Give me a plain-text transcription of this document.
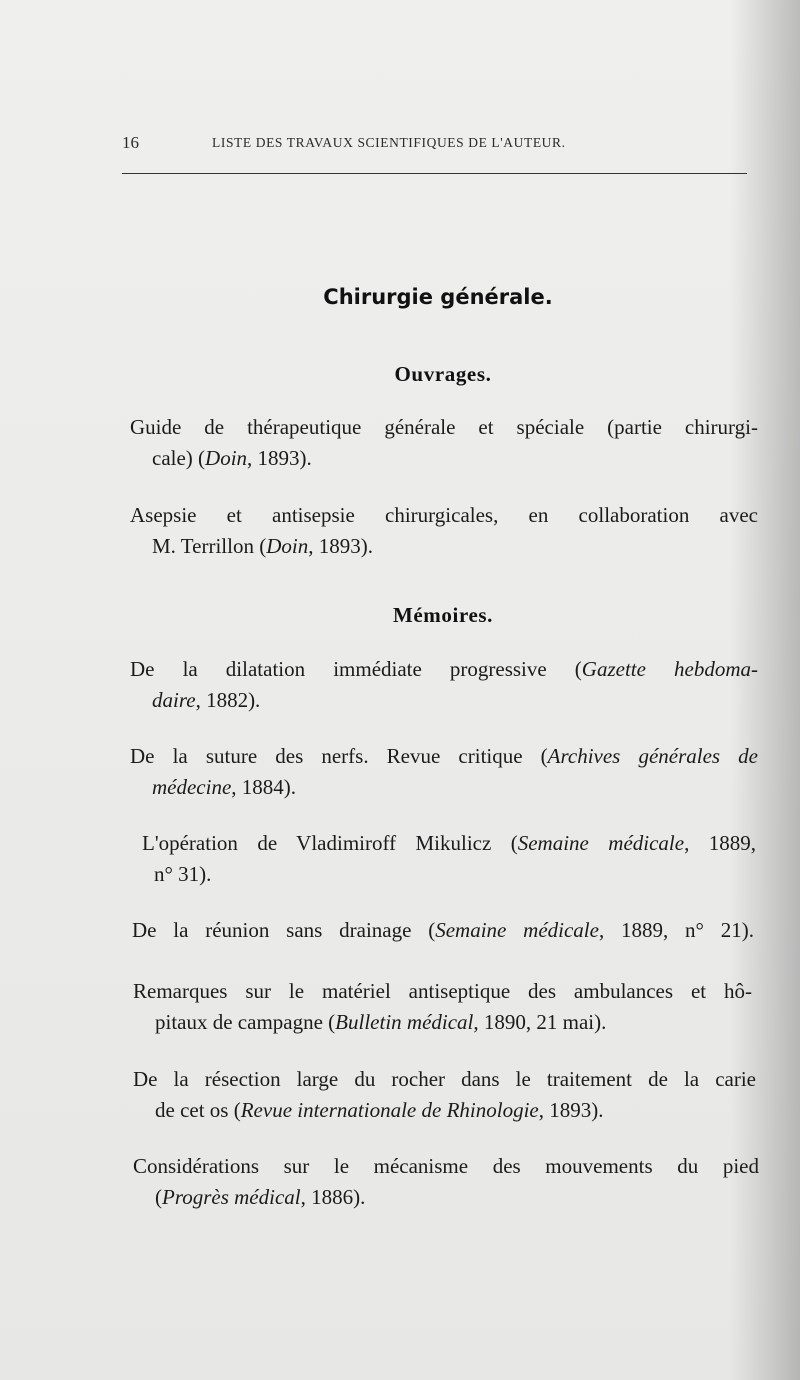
16	LISTE DES TRAVAUX SCIENTIFIQUES DE L'AUTEUR.
Chirurgie générale.
Ouvrages.
Guide de thérapeutique générale et spéciale (partie chirurgi-
cale) (Doin, 1893).
Asepsie et antisepsie chirurgicales, en collaboration avec
M. Terrillon (Doin, 1893).
Mémoires.
De la dilatation immédiate progressive (Gazette hebdoma-
daire, 1882).
De la suture des nerfs. Revue critique (Archives générales de
médecine, 1884).
L'opération de Vladimiroff Mikulicz (Semaine médicale, 1889,
n° 31).
De la réunion sans drainage (Semaine médicale, 1889, n° 21).
Remarques sur le matériel antiseptique des ambulances et hô-
pitaux de campagne (Bulletin médical, 1890, 21 mai).
De la résection large du rocher dans le traitement de la carie
de cet os (Revue internationale de Rhinologie, 1893).
Considérations sur le mécanisme des mouvements du pied
(Progrès médical, 1886).
